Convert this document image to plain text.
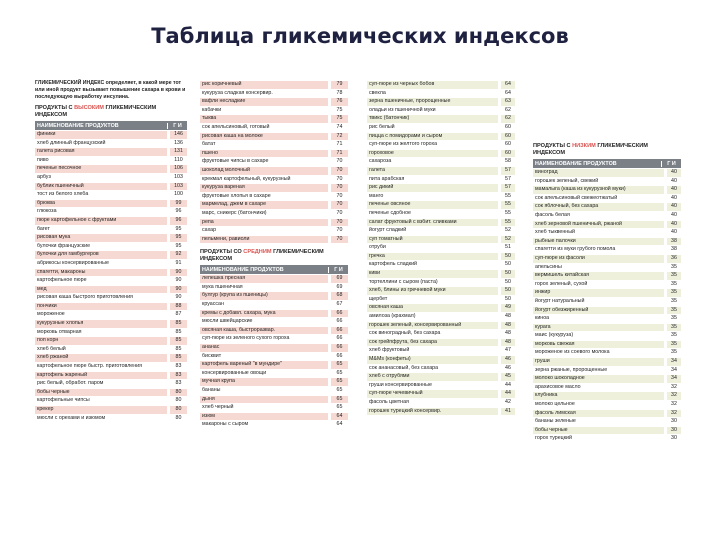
Таблица гликемических индексов
ГЛИКЕМИЧЕСКИЙ ИНДЕКС определяет, в какой мере тот или иной продукт вызывает повышение сахара в крови и последующую выработку инсулина.
ПРОДУКТЫ С ВЫСОКИМ ГЛИКЕМИЧЕСКИМ ИНДЕКСОМ
НАИМЕНОВАНИЕ ПРОДУКТОВ	Г И
финики	146
хлеб длинный французский	136
галета рисовая	131
пиво	110
печенье песочное	106
арбуз	103
бублик пшеничный	103
тост из белого хлеба	100
брюква	99
глюкоза	96
пюре картофельное с фруктами	96
багет	95
рисовая мука	95
булочки французские	95
булочки для гамбургеров	92
абрикосы консервированные	91
спагетти, макароны	90
картофельное пюре	90
мед	90
рисовая каша быстрого приготовления	90
пончики	88
мороженое	87
кукурузные хлопья	85
морковь отварная	85
поп корн	85
хлеб белый	85
хлеб ржаной	85
картофельное пюре быстр. приготовления	83
картофель жареный	83
рис белый, обработ. паром	83
бобы черные	80
картофельные чипсы	80
крекер	80
мюсли с орехами и изюмом	80
рис коричневый	79
кукуруза сладкая консервир.	78
вафли несладкие	76
кабачки	75
тыква	75
сок апельсиновый, готовый	74
рисовая каша на молоке	72
батат	71
пшено	71
фруктовые чипсы в сахаре	70
шоколад молочный	70
крекмал картофельный, кукурузный	70
кукуруза вареная	70
фруктовые хлопья в сахаре	70
мармелад, джем в сахаре	70
марс, сникерс (батончики)	70
репа	70
сахар	70
пельмени, равиоли	70
ПРОДУКТЫ СО СРЕДНИМ ГЛИКЕМИЧЕСКИМ ИНДЕКСОМ
НАИМЕНОВАНИЕ ПРОДУКТОВ	Г И
лепешка пресная	69
мука пшеничная	69
булгур (крупа из пшеницы)	68
круассан	67
кремы с добавл. сахара, мука	66
мюсли швейцарские	66
овсяная каша, быстроразвар.	66
суп-пюре из зеленого сухого гороха	66
ананас	66
бисквит	66
картофель вареный "в мундире"	65
консервированные овощи	65
мучная крупа	65
бананы	65
дыня	65
хлеб черный	65
изюм	64
макароны с сыром	64
суп-пюре из черных бобов	64
свекла	64
зерна пшеничные, пророщенные	63
оладьи из пшеничной муки	62
твикс (батончик)	62
рис белый	60
пицца с помидорами и сыром	60
суп-пюре из желтого гороха	60
гороховое	60
сахароза	58
галета	57
пита арабская	57
рис дикий	57
манго	55
печенье овсяное	55
печенье сдобное	55
салат фруктовый с взбит. сливками	55
йогурт сладкий	52
суп томатный	52
отруби	51
гречка	50
картофель сладкий	50
киви	50
тортеллини с сыром (паста)	50
хлеб, блины из гречневой муки	50
щербет	50
овсяная каша	49
амилоза (крахмал)	48
горошек зеленый, консервированный	48
сок виноградный, без сахара	48
сок грейпфрута, без сахара	48
хлеб фруктовый	47
M&Ms (конфеты)	46
сок ананасовый, без сахара	46
хлеб с отрубями	45
груши консервированные	44
суп-пюре чечевичный	44
фасоль цветная	42
горошек турецкий консервир.	41
ПРОДУКТЫ С НИЗКИМ ГЛИКЕМИЧЕСКИМ ИНДЕКСОМ
НАИМЕНОВАНИЕ ПРОДУКТОВ	Г И
виноград	40
горошек зеленый, свежий	40
мамалыга (каша из кукурузной муки)	40
сок апельсиновый свежеотжатый	40
сок яблочный, без сахара	40
фасоль белая	40
хлеб зерновой пшеничный, ржаной	40
хлеб тыквенный	40
рыбные палочки	38
спагетти из муки грубого помола	38
суп-пюре из фасоли	36
апельсины	35
вермишель китайская	35
горох зеленый, сухой	35
инжир	35
йогурт натуральный	35
йогурт обезжиренный	35
киноа	35
курага	35
маис (кукуруза)	35
морковь свежая	35
мороженое из соевого молока	35
груши	34
зерна ржаные, пророщенные	34
молоко шоколадное	34
арахисовое масло	32
клубника	32
молоко цельное	32
фасоль лимская	32
бананы зеленые	30
бобы черные	30
горох турецкий	30
